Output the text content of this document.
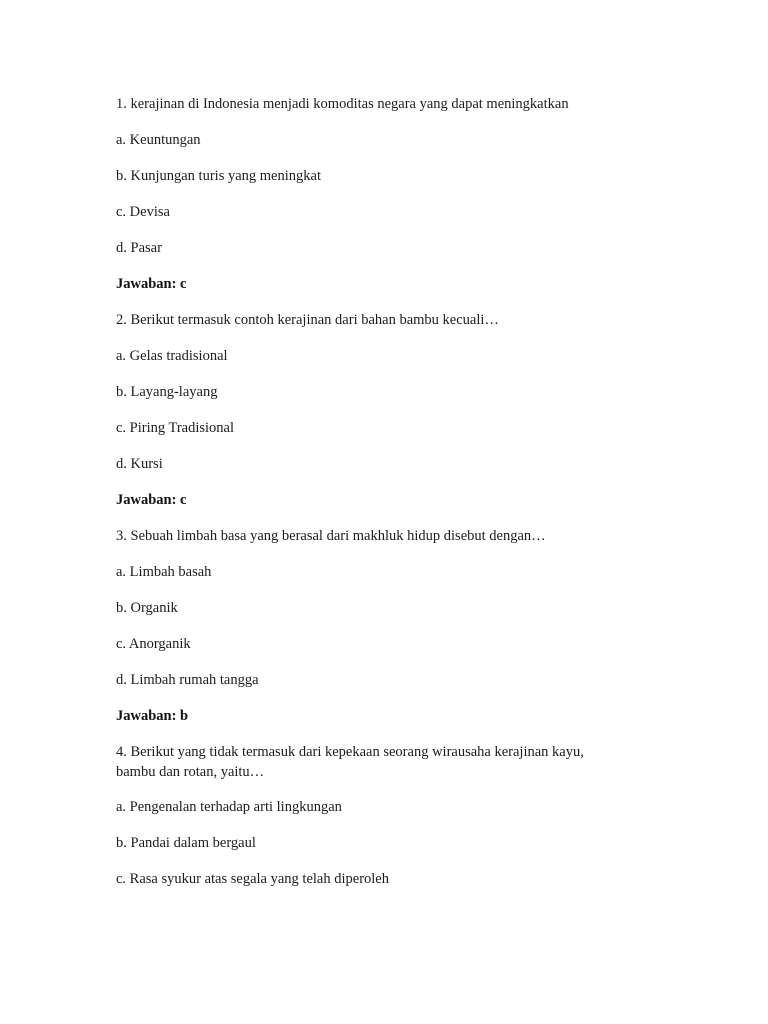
1. kerajinan di Indonesia menjadi komoditas negara yang dapat meningkatkan
a. Keuntungan
b. Kunjungan turis yang meningkat
c. Devisa
d. Pasar
Jawaban: c
2. Berikut termasuk contoh kerajinan dari bahan bambu kecuali…
a. Gelas tradisional
b. Layang-layang
c. Piring Tradisional
d. Kursi
Jawaban: c
3. Sebuah limbah basa yang berasal dari makhluk hidup disebut dengan…
a. Limbah basah
b. Organik
c. Anorganik
d. Limbah rumah tangga
Jawaban: b
4. Berikut yang tidak termasuk dari kepekaan seorang wirausaha kerajinan kayu,
bambu dan rotan, yaitu…
a. Pengenalan terhadap arti lingkungan
b. Pandai dalam bergaul
c. Rasa syukur atas segala yang telah diperoleh
